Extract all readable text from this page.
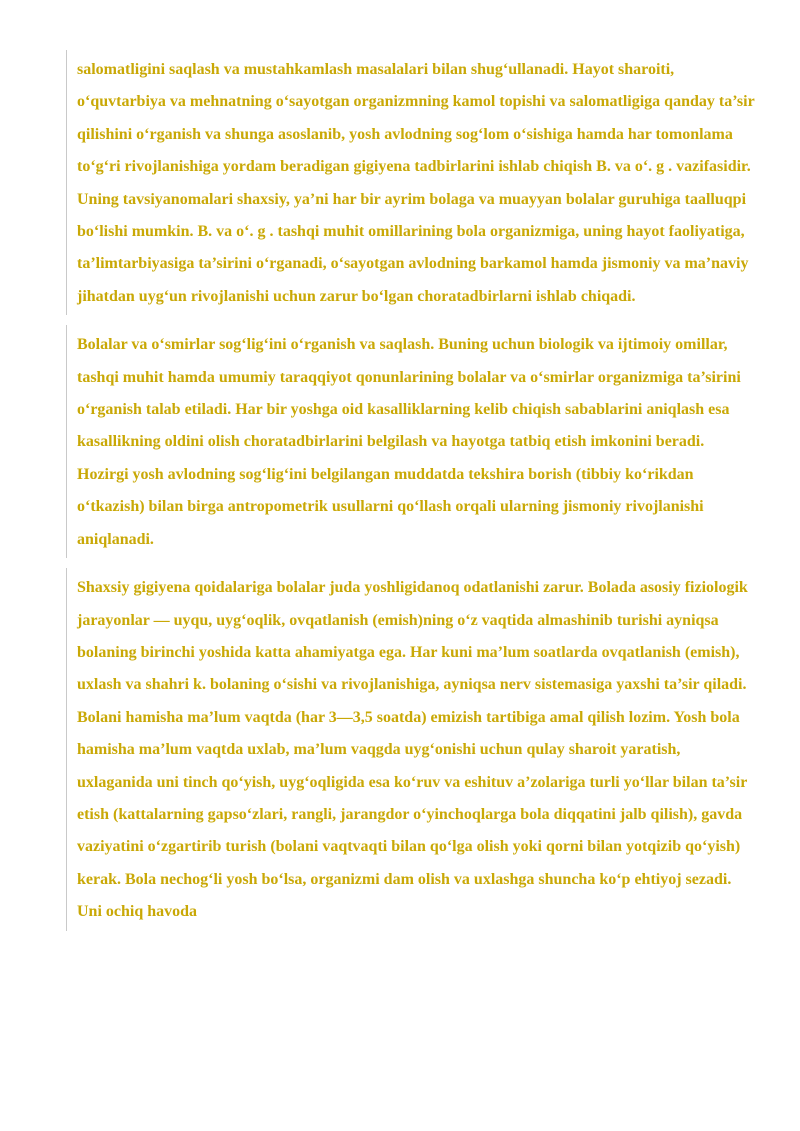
salomatligini saqlash va mustahkamlash masalalari bilan shug‘ullanadi. Hayot sharoiti, o‘quvtarbiya va mehnatning o‘sayotgan organizmning kamol topishi va salomatligiga qanday ta’sir qilishini o‘rganish va shunga asoslanib, yosh avlodning sog‘lom o‘sishiga hamda har tomonlama to‘g‘ri rivojlanishiga yordam beradigan gigiyena tadbirlarini ishlab chiqish B. va o‘. g . vazifasidir. Uning tavsiyanomalari shaxsiy, ya’ni har bir ayrim bolaga va muayyan bolalar guruhiga taalluqpi bo‘lishi mumkin. B. va o‘. g . tashqi muhit omillarining bola organizmiga, uning hayot faoliyatiga, ta’limtarbiyasiga ta’sirini o‘rganadi, o‘sayotgan avlodning barkamol hamda jismoniy va ma’naviy jihatdan uyg‘un rivojlanishi uchun zarur bo‘lgan choratadbirlarni ishlab chiqadi.

Bolalar va o‘smirlar sog‘lig‘ini o‘rganish va saqlash. Buning uchun biologik va ijtimoiy omillar, tashqi muhit hamda umumiy taraqqiyot qonunlarining bolalar va o‘smirlar organizmiga ta’sirini o‘rganish talab etiladi. Har bir yoshga oid kasalliklarning kelib chiqish sabablarini aniqlash esa kasallikning oldini olish choratadbirlarini belgilash va hayotga tatbiq etish imkonini beradi. Hozirgi yosh avlodning sog‘lig‘ini belgilangan muddatda tekshira borish (tibbiy ko‘rikdan o‘tkazish) bilan birga antropometrik usullarni qo‘llash orqali ularning jismoniy rivojlanishi aniqlanadi.

Shaxsiy gigiyena qoidalariga bolalar juda yoshligidanoq odatlanishi zarur. Bolada asosiy fiziologik jarayonlar — uyqu, uyg‘oqlik, ovqatlanish (emish)ning o‘z vaqtida almashinib turishi ayniqsa bolaning birinchi yoshida katta ahamiyatga ega. Har kuni ma’lum soatlarda ovqatlanish (emish), uxlash va shahri k. bolaning o‘sishi va rivojlanishiga, ayniqsa nerv sistemasiga yaxshi ta’sir qiladi. Bolani hamisha ma’lum vaqtda (har 3—3,5 soatda) emizish tartibiga amal qilish lozim. Yosh bola hamisha ma’lum vaqtda uxlab, ma’lum vaqgda uyg‘onishi uchun qulay sharoit yaratish, uxlaganida uni tinch qo‘yish, uyg‘oqligida esa ko‘ruv va eshituv a’zolariga turli yo‘llar bilan ta’sir etish (kattalarning gapso‘zlari, rangli, jarangdor o‘yinchoqlarga bola diqqatini jalb qilish), gavda vaziyatini o‘zgartirib turish (bolani vaqtvaqti bilan qo‘lga olish yoki qorni bilan yotqizib qo‘yish) kerak. Bola nechog‘li yosh bo‘lsa, organizmi dam olish va uxlashga shuncha ko‘p ehtiyoj sezadi. Uni ochiq havoda
